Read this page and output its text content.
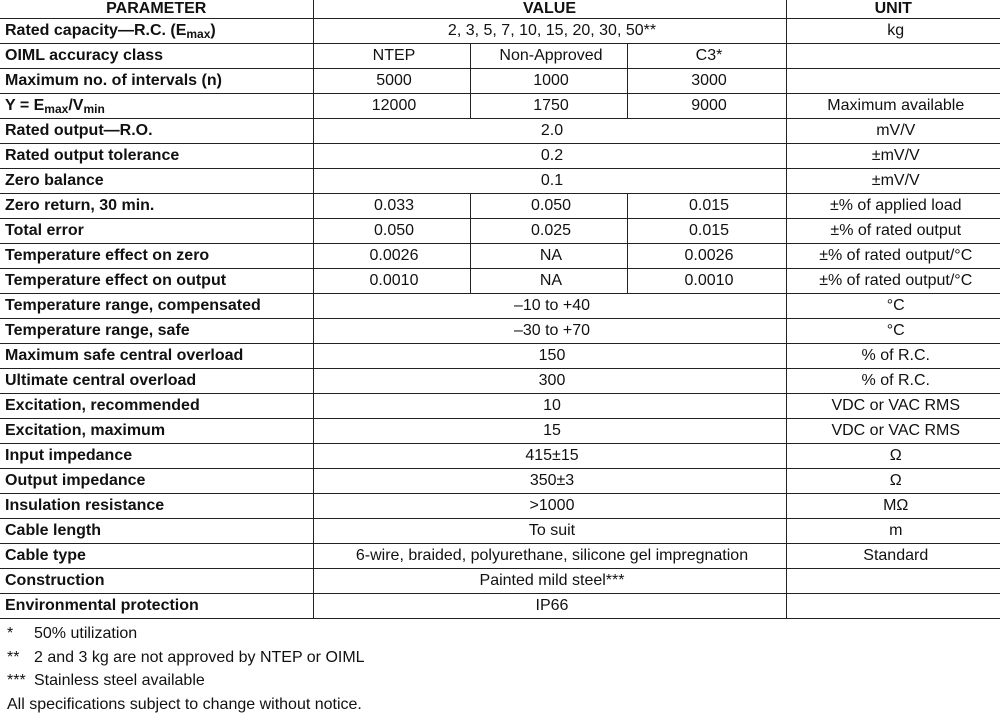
PARAMETER	VALUE			UNIT
Rated capacity—R.C. $(E_{max})$	2, 3, 5, 7, 10, 15, 20, 30, 50**			kg
OIML accuracy class	NTEP	Non-Approved	C3*	
Maximum no. of intervals (n)	5000	1000	3000	
$Y = E_{max}/V_{min}$	12000	1750	9000	Maximum available
Rated output—R.O.	2.0			mV/V
Rated output tolerance	0.2			±mV/V
Zero balance	0.1			±mV/V
Zero return, 30 min.	0.033	0.050	0.015	±% of applied load
Total error	0.050	0.025	0.015	±% of rated output
Temperature effect on zero	0.0026	NA	0.0026	±% of rated output/°C
Temperature effect on output	0.0010	NA	0.0010	±% of rated output/°C
Temperature range, compensated	–10 to +40			°C
Temperature range, safe	–30 to +70			°C
Maximum safe central overload	150			% of R.C.
Ultimate central overload	300			% of R.C.
Excitation, recommended	10			VDC or VAC RMS
Excitation, maximum	15			VDC or VAC RMS
Input impedance	415±15			Ω
Output impedance	350±3			Ω
Insulation resistance	>1000			MΩ
Cable length	To suit			m
Cable type	6-wire, braided, polyurethane, silicone gel impregnation			Standard
Construction	Painted mild steel***			
Environmental protection	IP66			
* 50% utilization
** 2 and 3 kg are not approved by NTEP or OIML
*** Stainless steel available
All specifications subject to change without notice.
